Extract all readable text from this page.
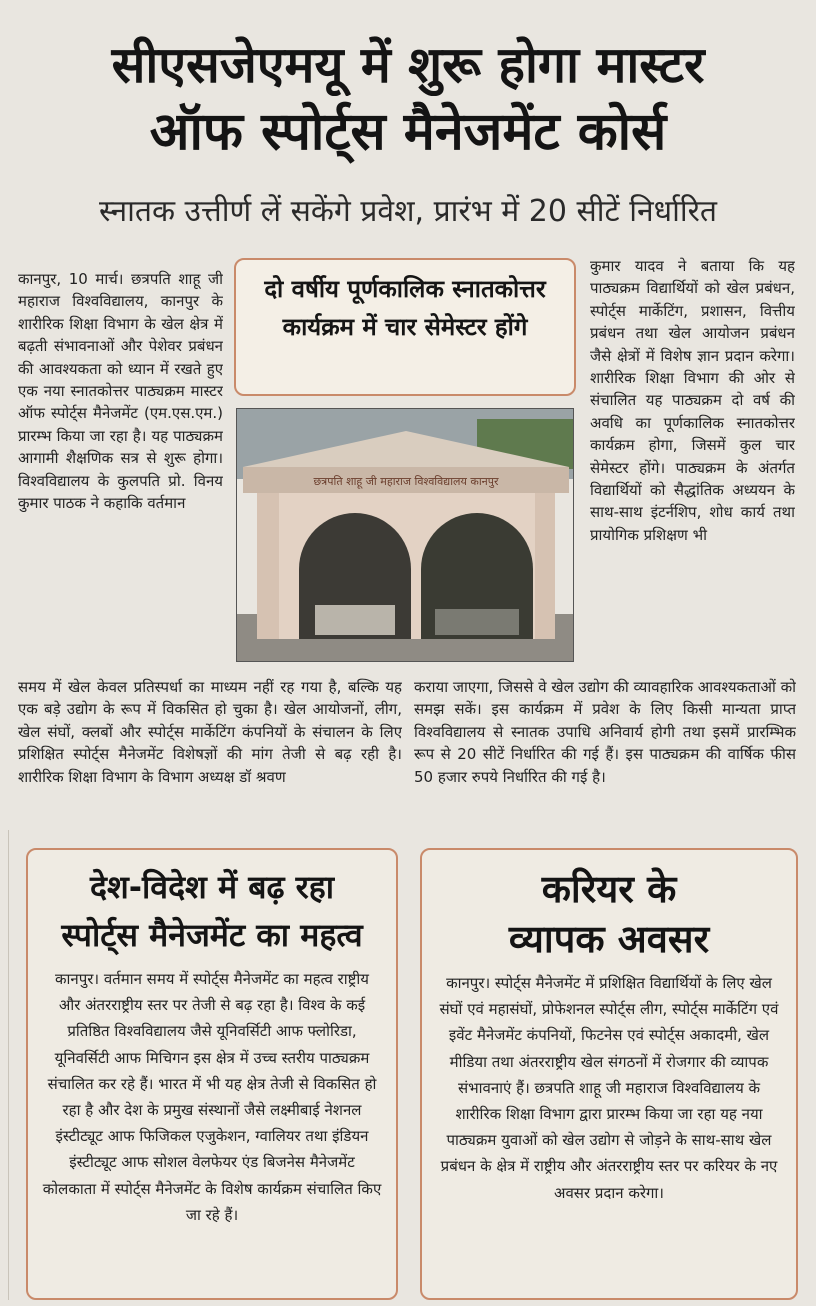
सीएसजेएमयू में शुरू होगा मास्टर
ऑफ स्पोर्ट्स मैनेजमेंट कोर्स
स्नातक उत्तीर्ण लें सकेंगे प्रवेश, प्रारंभ में 20 सीटें निर्धारित
कानपुर, 10 मार्च। छत्रपति शाहू जी महाराज विश्वविद्यालय, कानपुर के शारीरिक शिक्षा विभाग के खेल क्षेत्र में बढ़ती संभावनाओं और पेशेवर प्रबंधन की आवश्यकता को ध्यान में रखते हुए एक नया स्नातकोत्तर पाठ्यक्रम मास्टर ऑफ स्पोर्ट्स मैनेजमेंट (एम.एस.एम.) प्रारम्भ किया जा रहा है। यह पाठ्यक्रम आगामी शैक्षणिक सत्र से शुरू होगा। विश्वविद्यालय के कुलपति प्रो. विनय कुमार पाठक ने कहाकि वर्तमान
दो वर्षीय पूर्णकालिक स्नातकोत्तर कार्यक्रम में चार सेमेस्टर होंगे
छत्रपति शाहू जी महाराज विश्वविद्यालय कानपुर
कुमार यादव ने बताया कि यह पाठ्यक्रम विद्यार्थियों को खेल प्रबंधन, स्पोर्ट्स मार्केटिंग, प्रशासन, वित्तीय प्रबंधन तथा खेल आयोजन प्रबंधन जैसे क्षेत्रों में विशेष ज्ञान प्रदान करेगा। शारीरिक शिक्षा विभाग की ओर से संचालित यह पाठ्यक्रम दो वर्ष की अवधि का पूर्णकालिक स्नातकोत्तर कार्यक्रम होगा, जिसमें कुल चार सेमेस्टर होंगे। पाठ्यक्रम के अंतर्गत विद्यार्थियों को सैद्धांतिक अध्ययन के साथ-साथ इंटर्नशिप, शोध कार्य तथा प्रायोगिक प्रशिक्षण भी
समय में खेल केवल प्रतिस्पर्धा का माध्यम नहीं रह गया है, बल्कि यह एक बड़े उद्योग के रूप में विकसित हो चुका है। खेल आयोजनों, लीग, खेल संघों, क्लबों और स्पोर्ट्स मार्केटिंग कंपनियों के संचालन के लिए प्रशिक्षित स्पोर्ट्स मैनेजमेंट विशेषज्ञों की मांग तेजी से बढ़ रही है। शारीरिक शिक्षा विभाग के विभाग अध्यक्ष डॉ श्रवण
कराया जाएगा, जिससे वे खेल उद्योग की व्यावहारिक आवश्यकताओं को समझ सकें। इस कार्यक्रम में प्रवेश के लिए किसी मान्यता प्राप्त विश्वविद्यालय से स्नातक उपाधि अनिवार्य होगी तथा इसमें प्रारम्भिक रूप से 20 सीटें निर्धारित की गई हैं। इस पाठ्यक्रम की वार्षिक फीस 50 हजार रुपये निर्धारित की गई है।
देश-विदेश में बढ़ रहा
स्पोर्ट्स मैनेजमेंट का महत्व
कानपुर। वर्तमान समय में स्पोर्ट्स मैनेजमेंट का महत्व राष्ट्रीय और अंतरराष्ट्रीय स्तर पर तेजी से बढ़ रहा है। विश्व के कई प्रतिष्ठित विश्वविद्यालय जैसे यूनिवर्सिटी आफ फ्लोरिडा, यूनिवर्सिटी आफ मिचिगन इस क्षेत्र में उच्च स्तरीय पाठ्यक्रम संचालित कर रहे हैं। भारत में भी यह क्षेत्र तेजी से विकसित हो रहा है और देश के प्रमुख संस्थानों जैसे लक्ष्मीबाई नेशनल इंस्टीट्यूट आफ फिजिकल एजुकेशन, ग्वालियर तथा इंडियन इंस्टीट्यूट आफ सोशल वेलफेयर एंड बिजनेस मैनेजमेंट कोलकाता में स्पोर्ट्स मैनेजमेंट के विशेष कार्यक्रम संचालित किए जा रहे हैं।
करियर के
व्यापक अवसर
कानपुर। स्पोर्ट्स मैनेजमेंट में प्रशिक्षित विद्यार्थियों के लिए खेल संघों एवं महासंघों, प्रोफेशनल स्पोर्ट्स लीग, स्पोर्ट्स मार्केटिंग एवं इवेंट मैनेजमेंट कंपनियों, फिटनेस एवं स्पोर्ट्स अकादमी, खेल मीडिया तथा अंतरराष्ट्रीय खेल संगठनों में रोजगार की व्यापक संभावनाएं हैं। छत्रपति शाहू जी महाराज विश्वविद्यालय के शारीरिक शिक्षा विभाग द्वारा प्रारम्भ किया जा रहा यह नया पाठ्यक्रम युवाओं को खेल उद्योग से जोड़ने के साथ-साथ खेल प्रबंधन के क्षेत्र में राष्ट्रीय और अंतरराष्ट्रीय स्तर पर करियर के नए अवसर प्रदान करेगा।
